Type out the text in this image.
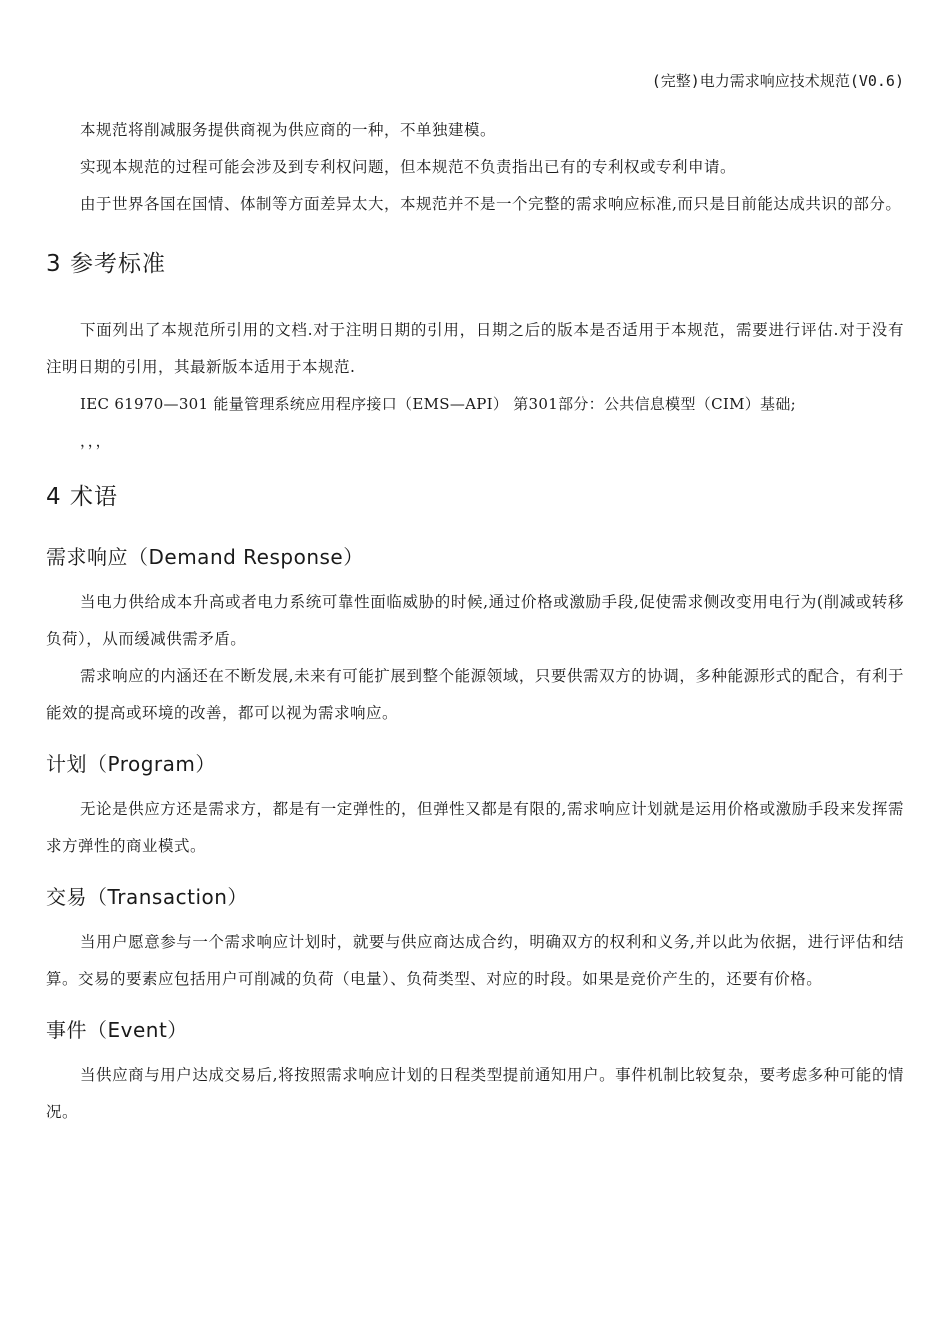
(完整)电力需求响应技术规范(V0.6)

本规范将削减服务提供商视为供应商的一种，不单独建模。

实现本规范的过程可能会涉及到专利权问题，但本规范不负责指出已有的专利权或专利申请。

由于世界各国在国情、体制等方面差异太大，本规范并不是一个完整的需求响应标准,而只是目前能达成共识的部分。

3 参考标准

下面列出了本规范所引用的文档.对于注明日期的引用，日期之后的版本是否适用于本规范，需要进行评估.对于没有注明日期的引用，其最新版本适用于本规范.

IEC 61970—301 能量管理系统应用程序接口（EMS—API） 第301部分：公共信息模型（CIM）基础;

，，，

4 术语
需求响应（Demand Response）

当电力供给成本升高或者电力系统可靠性面临威胁的时候,通过价格或激励手段,促使需求侧改变用电行为(削减或转移负荷），从而缓减供需矛盾。

需求响应的内涵还在不断发展,未来有可能扩展到整个能源领域，只要供需双方的协调，多种能源形式的配合，有利于能效的提高或环境的改善，都可以视为需求响应。

计划（Program）

无论是供应方还是需求方，都是有一定弹性的，但弹性又都是有限的,需求响应计划就是运用价格或激励手段来发挥需求方弹性的商业模式。

交易（Transaction）

当用户愿意参与一个需求响应计划时，就要与供应商达成合约，明确双方的权利和义务,并以此为依据，进行评估和结算。交易的要素应包括用户可削减的负荷（电量）、负荷类型、对应的时段。如果是竞价产生的，还要有价格。

事件（Event）

当供应商与用户达成交易后,将按照需求响应计划的日程类型提前通知用户。事件机制比较复杂，要考虑多种可能的情况。
